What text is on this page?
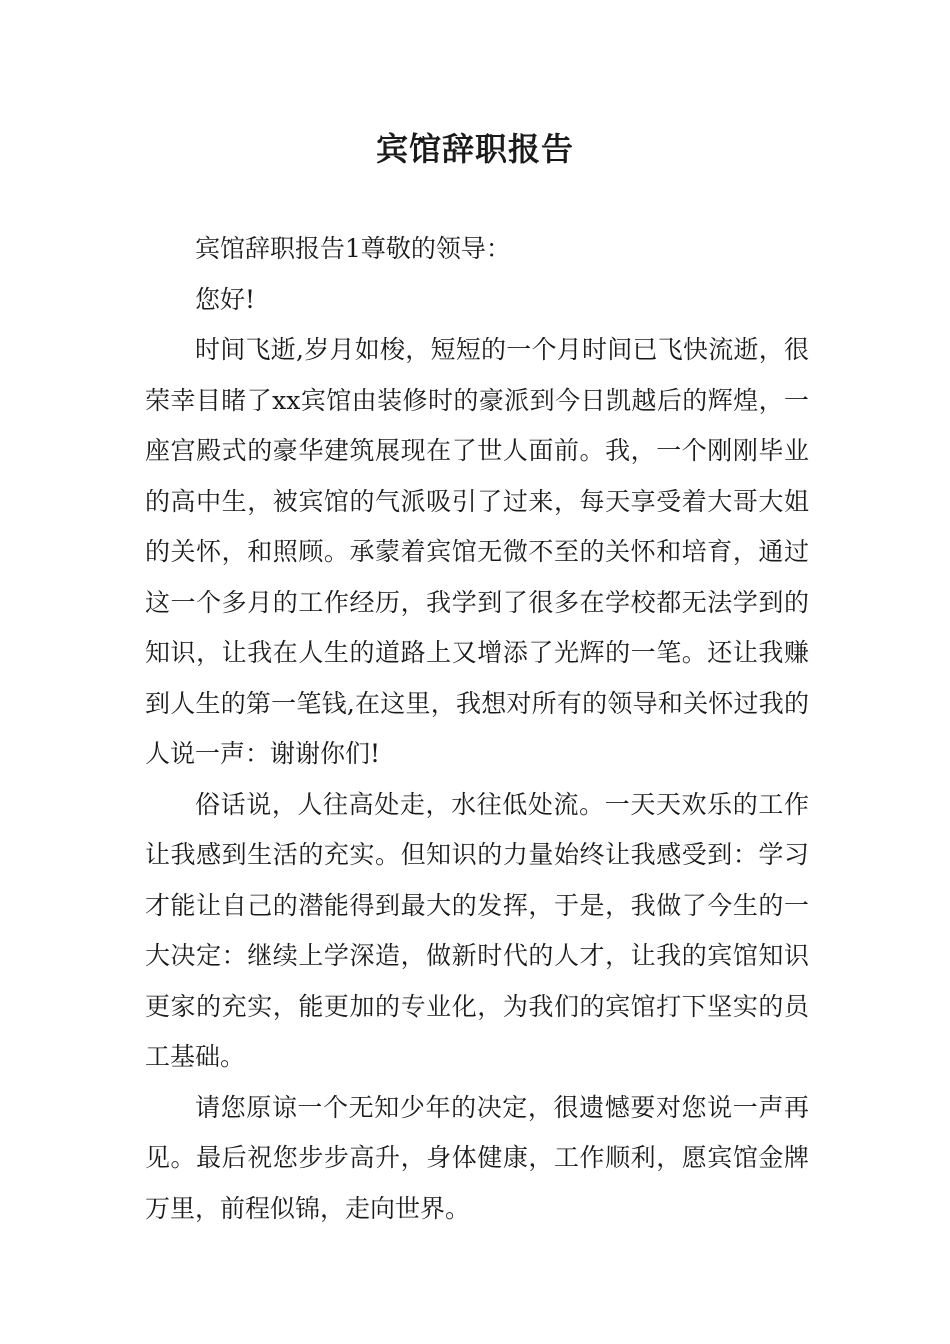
宾馆辞职报告

宾馆辞职报告1尊敬的领导：

您好!

时间飞逝,岁月如梭，短短的一个月时间已飞快流逝，很荣幸目睹了xx宾馆由装修时的豪派到今日凯越后的辉煌，一座宫殿式的豪华建筑展现在了世人面前。我，一个刚刚毕业的高中生，被宾馆的气派吸引了过来，每天享受着大哥大姐的关怀，和照顾。承蒙着宾馆无微不至的关怀和培育，通过这一个多月的工作经历，我学到了很多在学校都无法学到的知识，让我在人生的道路上又增添了光辉的一笔。还让我赚到人生的第一笔钱,在这里，我想对所有的领导和关怀过我的人说一声：谢谢你们!

俗话说，人往高处走，水往低处流。一天天欢乐的工作让我感到生活的充实。但知识的力量始终让我感受到：学习才能让自己的潜能得到最大的发挥，于是，我做了今生的一大决定：继续上学深造，做新时代的人才，让我的宾馆知识更家的充实，能更加的专业化，为我们的宾馆打下坚实的员工基础。

请您原谅一个无知少年的决定，很遗憾要对您说一声再见。最后祝您步步高升，身体健康，工作顺利，愿宾馆金牌万里，前程似锦，走向世界。
